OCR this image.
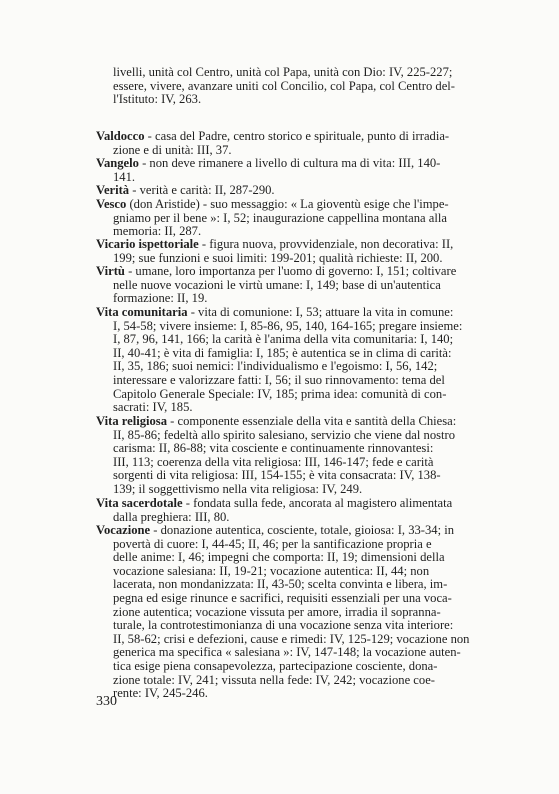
livelli, unità col Centro, unità col Papa, unità con Dio: IV, 225-227;
essere, vivere, avanzare uniti col Concilio, col Papa, col Centro del-
l'Istituto: IV, 263.
Valdocco - casa del Padre, centro storico e spirituale, punto di irradia-
zione e di unità: III, 37.
Vangelo - non deve rimanere a livello di cultura ma di vita: III, 140-
141.
Verità - verità e carità: II, 287-290.
Vesco (don Aristide) - suo messaggio: « La gioventù esige che l'impe-
gniamo per il bene »: I, 52; inaugurazione cappellina montana alla
memoria: II, 287.
Vicario ispettoriale - figura nuova, provvidenziale, non decorativa: II,
199; sue funzioni e suoi limiti: 199-201; qualità richieste: II, 200.
Virtù - umane, loro importanza per l'uomo di governo: I, 151; coltivare
nelle nuove vocazioni le virtù umane: I, 149; base di un'autentica
formazione: II, 19.
Vita comunitaria - vita di comunione: I, 53; attuare la vita in comune:
I, 54-58; vivere insieme: I, 85-86, 95, 140, 164-165; pregare insieme:
I, 87, 96, 141, 166; la carità è l'anima della vita comunitaria: I, 140;
II, 40-41; è vita di famiglia: I, 185; è autentica se in clima di carità:
II, 35, 186; suoi nemici: l'individualismo e l'egoismo: I, 56, 142;
interessare e valorizzare fatti: I, 56; il suo rinnovamento: tema del
Capitolo Generale Speciale: IV, 185; prima idea: comunità di con-
sacrati: IV, 185.
Vita religiosa - componente essenziale della vita e santità della Chiesa:
II, 85-86; fedeltà allo spirito salesiano, servizio che viene dal nostro
carisma: II, 86-88; vita cosciente e continuamente rinnovantesi:
III, 113; coerenza della vita religiosa: III, 146-147; fede e carità
sorgenti di vita religiosa: III, 154-155; è vita consacrata: IV, 138-
139; il soggettivismo nella vita religiosa: IV, 249.
Vita sacerdotale - fondata sulla fede, ancorata al magistero alimentata
dalla preghiera: III, 80.
Vocazione - donazione autentica, cosciente, totale, gioiosa: I, 33-34; in
povertà di cuore: I, 44-45; II, 46; per la santificazione propria e
delle anime: I, 46; impegni che comporta: II, 19; dimensioni della
vocazione salesiana: II, 19-21; vocazione autentica: II, 44; non
lacerata, non mondanizzata: II, 43-50; scelta convinta e libera, im-
pegna ed esige rinunce e sacrifici, requisiti essenziali per una voca-
zione autentica; vocazione vissuta per amore, irradia il sopranna-
turale, la controtestimonianza di una vocazione senza vita interiore:
II, 58-62; crisi e defezioni, cause e rimedi: IV, 125-129; vocazione non
generica ma specifica « salesiana »: IV, 147-148; la vocazione auten-
tica esige piena consapevolezza, partecipazione cosciente, dona-
zione totale: IV, 241; vissuta nella fede: IV, 242; vocazione coe-
rente: IV, 245-246.
330
